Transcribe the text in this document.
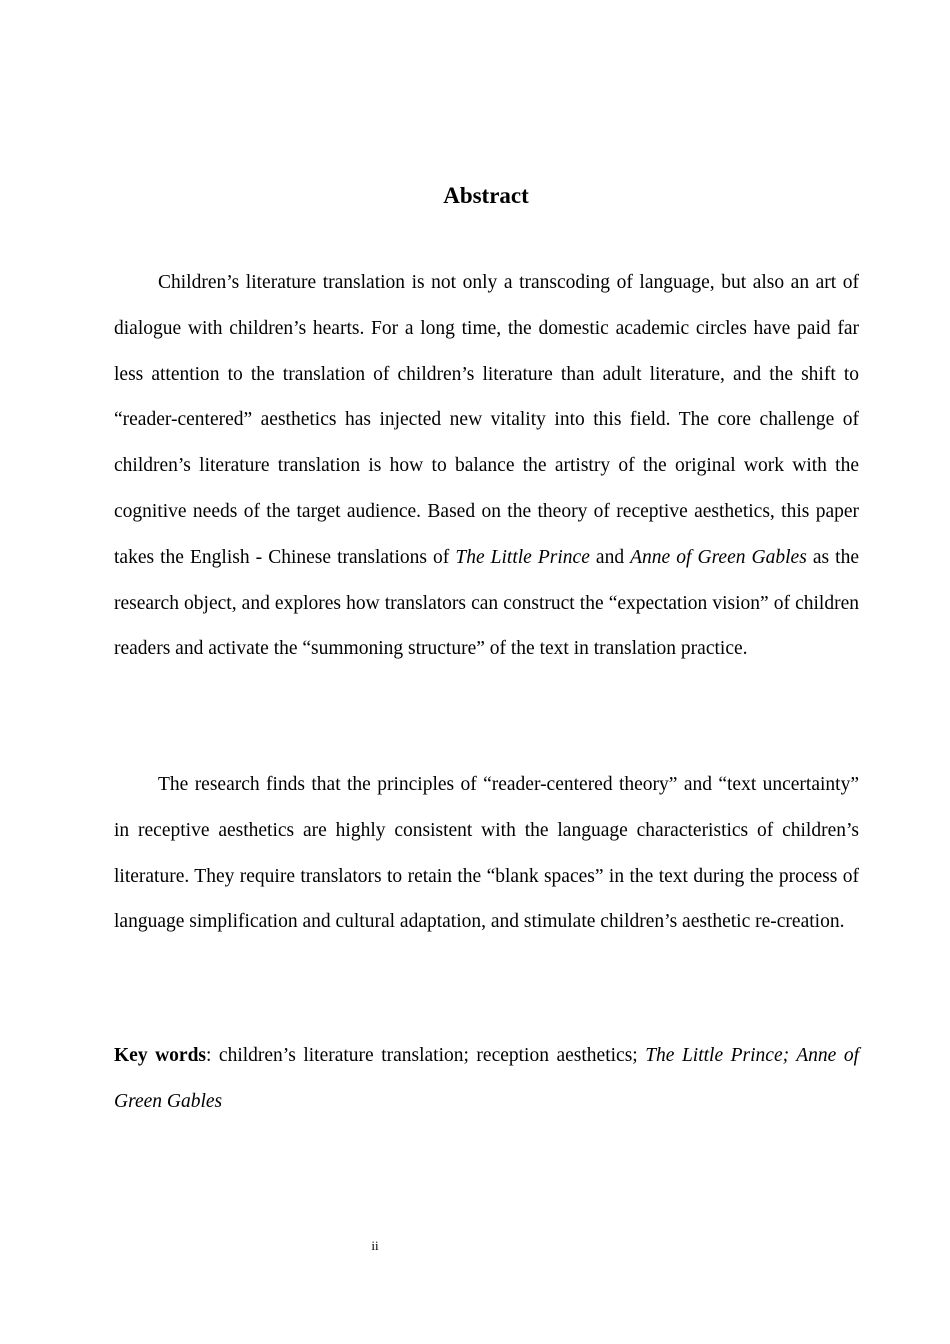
Abstract

Children’s literature translation is not only a transcoding of language, but also an art of dialogue with children’s hearts. For a long time, the domestic academic circles have paid far less attention to the translation of children’s literature than adult literature, and the shift to “reader-centered” aesthetics has injected new vitality into this field. The core challenge of children’s literature translation is how to balance the artistry of the original work with the cognitive needs of the target audience. Based on the theory of receptive aesthetics, this paper takes the English - Chinese translations of The Little Prince and Anne of Green Gables as the research object, and explores how translators can construct the “expectation vision” of children readers and activate the “summoning structure” of the text in translation practice.

The research finds that the principles of “reader-centered theory” and “text uncertainty” in receptive aesthetics are highly consistent with the language characteristics of children’s literature. They require translators to retain the “blank spaces” in the text during the process of language simplification and cultural adaptation, and stimulate children’s aesthetic re-creation.

Key words: children’s literature translation; reception aesthetics; The Little Prince; Anne of Green Gables

ii
